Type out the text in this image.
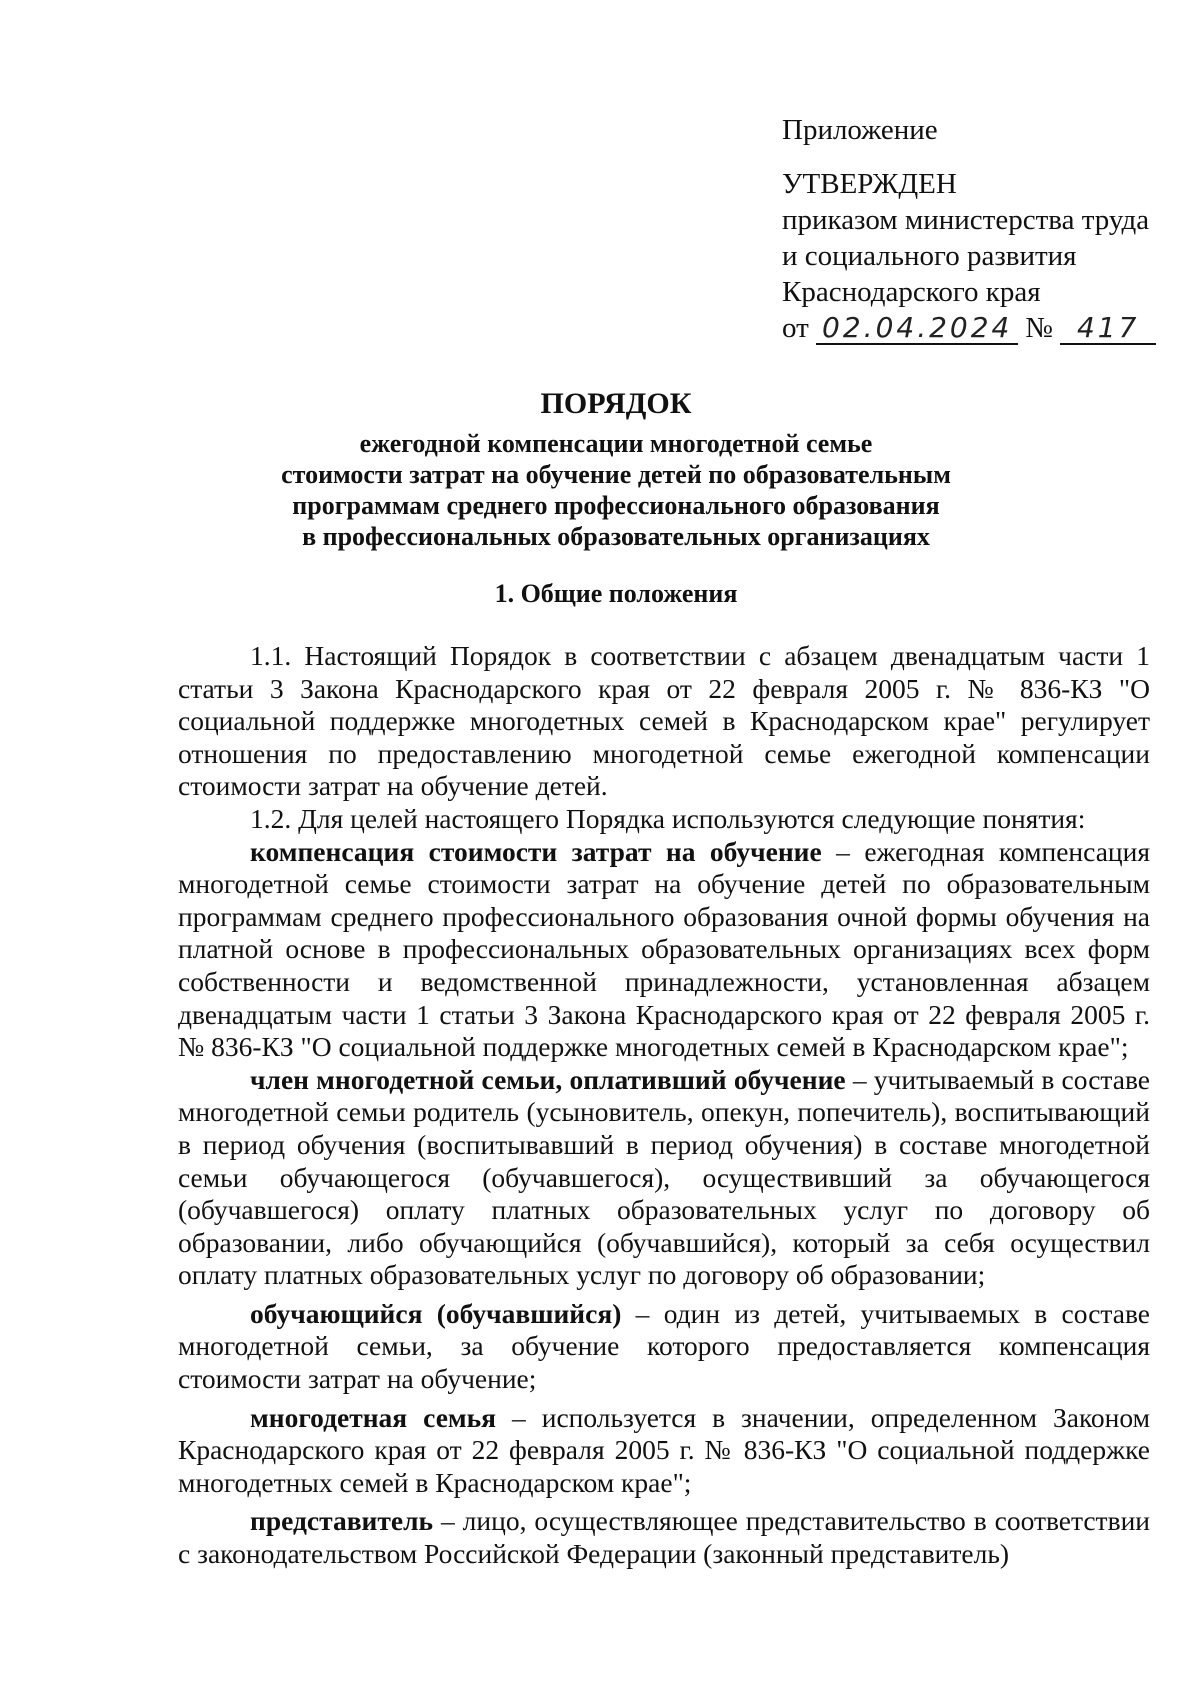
Приложение
УТВЕРЖДЕН
приказом министерства труда
и социального развития
Краснодарского края
от 02.04.2024 № 417
ПОРЯДОК
ежегодной компенсации многодетной семье
стоимости затрат на обучение детей по образовательным
программам среднего профессионального образования
в профессиональных образовательных организациях
1. Общие положения

1.1. Настоящий Порядок в соответствии с абзацем двенадцатым части 1 статьи 3 Закона Краснодарского края от 22 февраля 2005 г. № 836-КЗ "О социальной поддержке многодетных семей в Краснодарском крае" регулирует отношения по предоставлению многодетной семье ежегодной компенсации стоимости затрат на обучение детей.

1.2. Для целей настоящего Порядка используются следующие понятия:

компенсация стоимости затрат на обучение – ежегодная компенсация многодетной семье стоимости затрат на обучение детей по образовательным программам среднего профессионального образования очной формы обучения на платной основе в профессиональных образовательных организациях всех форм собственности и ведомственной принадлежности, установленная абзацем двенадцатым части 1 статьи 3 Закона Краснодарского края от 22 февраля 2005 г. № 836-КЗ "О социальной поддержке многодетных семей в Краснодарском крае";

член многодетной семьи, оплативший обучение – учитываемый в составе многодетной семьи родитель (усыновитель, опекун, попечитель), воспитывающий в период обучения (воспитывавший в период обучения) в составе многодетной семьи обучающегося (обучавшегося), осуществивший за обучающегося (обучавшегося) оплату платных образовательных услуг по договору об образовании, либо обучающийся (обучавшийся), который за себя осуществил оплату платных образовательных услуг по договору об образовании;

обучающийся (обучавшийся) – один из детей, учитываемых в составе многодетной семьи, за обучение которого предоставляется компенсация стоимости затрат на обучение;

многодетная семья – используется в значении, определенном Законом Краснодарского края от 22 февраля 2005 г. № 836-КЗ "О социальной поддержке многодетных семей в Краснодарском крае";

представитель – лицо, осуществляющее представительство в соответствии с законодательством Российской Федерации (законный представитель)
